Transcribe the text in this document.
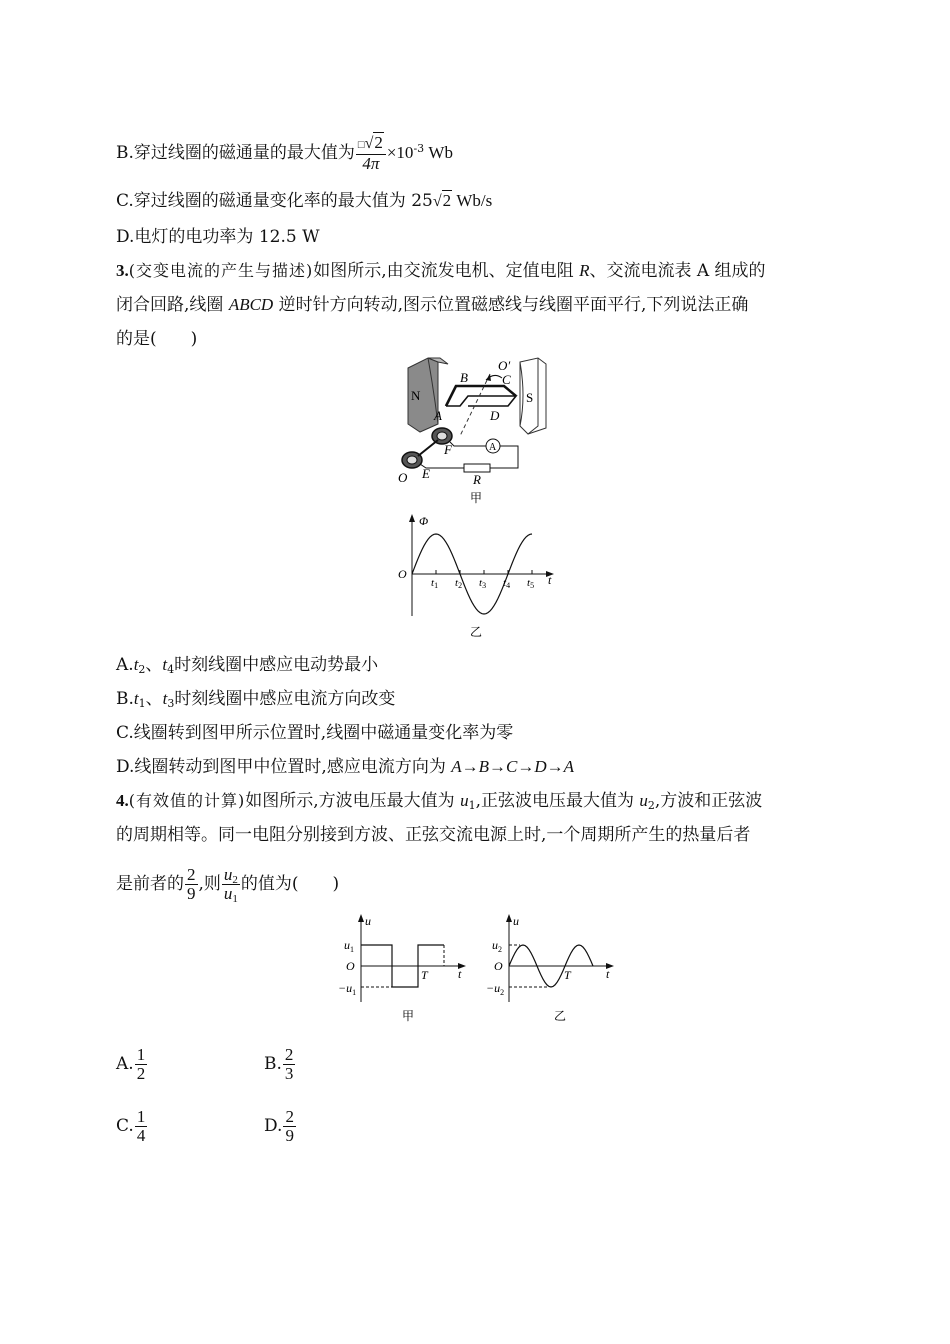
B.穿过线圈的磁通量的最大值为 $\frac{□√2}{4\pi} \times 10^{-3}$ Wb
C.穿过线圈的磁通量变化率的最大值为 25√2 Wb/s
D.电灯的电功率为 12.5 W
3.(交变电流的产生与描述)如图所示,由交流发电机、定值电阻 R、交流电流表 A 组成的
闭合回路,线圈 ABCD 逆时针方向转动,图示位置磁感线与线圈平面平行,下列说法正确
的是(　　)
N	S
B	C
O′
A	D
F
O E
A
R
甲
Φ
O	t
t1 t2 t3 t4 t5
乙
$A.t_2$、$t_4$时刻线圈中感应电动势最小
$B.t_1$、$t_3$时刻线圈中感应电流方向改变
C.线圈转到图甲所示位置时,线圈中磁通量变化率为零
D.线圈转动到图甲中位置时,感应电流方向为 A→B→C→D→A
4.(有效值的计算)如图所示,方波电压最大值为 $u_1$,正弦波电压最大值为 $u_2$,方波和正弦波
的周期相等。同一电阻分别接到方波、正弦交流电源上时,一个周期所产生的热量后者
是前者的 $\frac{2}{9}$ ,则 $\frac{u_2}{u_1}$ 的值为(　　)
u
$u_1$
O
$-u_1$
T	t
甲
u
$u_2$
O
$-u_2$
T	t
乙
A. $\frac{1}{2}$	B. $\frac{2}{3}$
C. $\frac{1}{4}$	D. $\frac{2}{9}$
